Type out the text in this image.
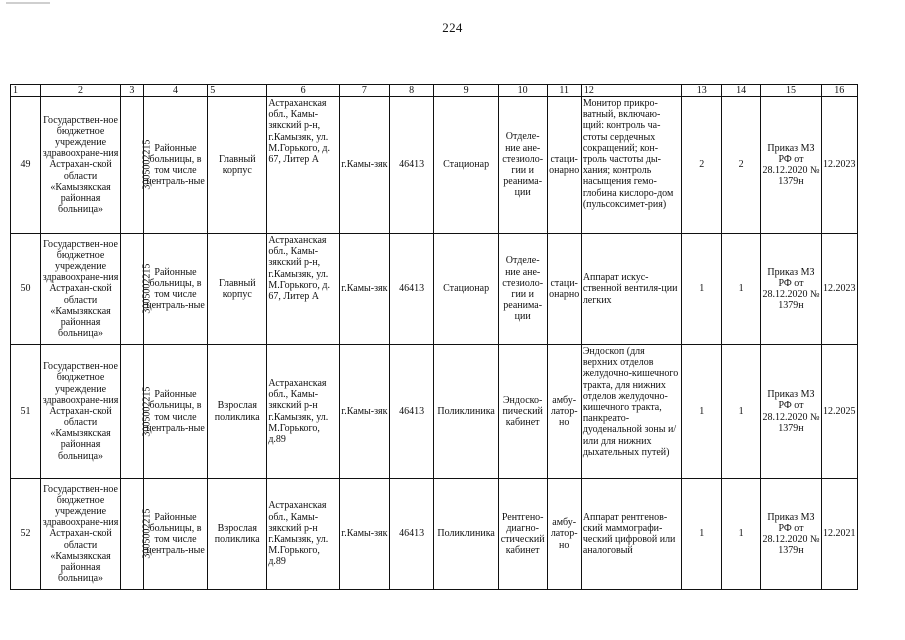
224
1	2	3	4	5	6	7	8	9	10	11	12	13	14	15	16
49	Государствен-ное бюджетное учреждение здравоохране-ния Астрахан-ской области «Камызякская районная больница»	3005002215	Районные больницы, в том числе централь-ные	Главный корпус	Астраханская обл., Камы-зякский р-н, г.Камызяк, ул. М.Горького, д. 67, Литер А	г.Камы-зяк	46413	Стационар	Отделе-ние ане-стезиоло-гии и реанима-ции	стаци-онарно	Монитор прикро-ватный, включаю-щий: контроль ча-стоты сердечных сокращений; кон-троль частоты ды-хания; контроль насыщения гемо-глобина кислоро-дом (пульсоксимет-рия)	2	2	Приказ МЗ РФ от 28.12.2020 № 1379н	12.2023
50	Государствен-ное бюджетное учреждение здравоохране-ния Астрахан-ской области «Камызякская районная больница»	3005002215	Районные больницы, в том числе централь-ные	Главный корпус	Астраханская обл., Камы-зякский р-н, г.Камызяк, ул. М.Горького, д. 67, Литер А	г.Камы-зяк	46413	Стационар	Отделе-ние ане-стезиоло-гии и реанима-ции	стаци-онарно	Аппарат искус-ственной вентиля-ции легких	1	1	Приказ МЗ РФ от 28.12.2020 № 1379н	12.2023
51	Государствен-ное бюджетное учреждение здравоохране-ния Астрахан-ской области «Камызякская районная больница»	3005002215	Районные больницы, в том числе централь-ные	Взрослая поликлика	Астраханская обл., Камы-зякский р-н г.Камызяк, ул. М.Горького, д.89	г.Камы-зяк	46413	Поликлиника	Эндоско-пический кабинет	амбу-латор-но	Эндоскоп (для верхних отделов желудочно-кишечного тракта, для нижних отделов желудочно-кишечного тракта, панкреато-дуоденальной зоны и/или для нижних дыхательных путей)	1	1	Приказ МЗ РФ от 28.12.2020 № 1379н	12.2025
52	Государствен-ное бюджетное учреждение здравоохране-ния Астрахан-ской области «Камызякская районная больница»	3005002215	Районные больницы, в том числе централь-ные	Взрослая поликлика	Астраханская обл., Камы-зякский р-н г.Камызяк, ул. М.Горького, д.89	г.Камы-зяк	46413	Поликлиника	Рентгено-диагно-стический кабинет	амбу-латор-но	Аппарат рентгенов-ский маммографи-ческий цифровой или аналоговый	1	1	Приказ МЗ РФ от 28.12.2020 № 1379н	12.2021
